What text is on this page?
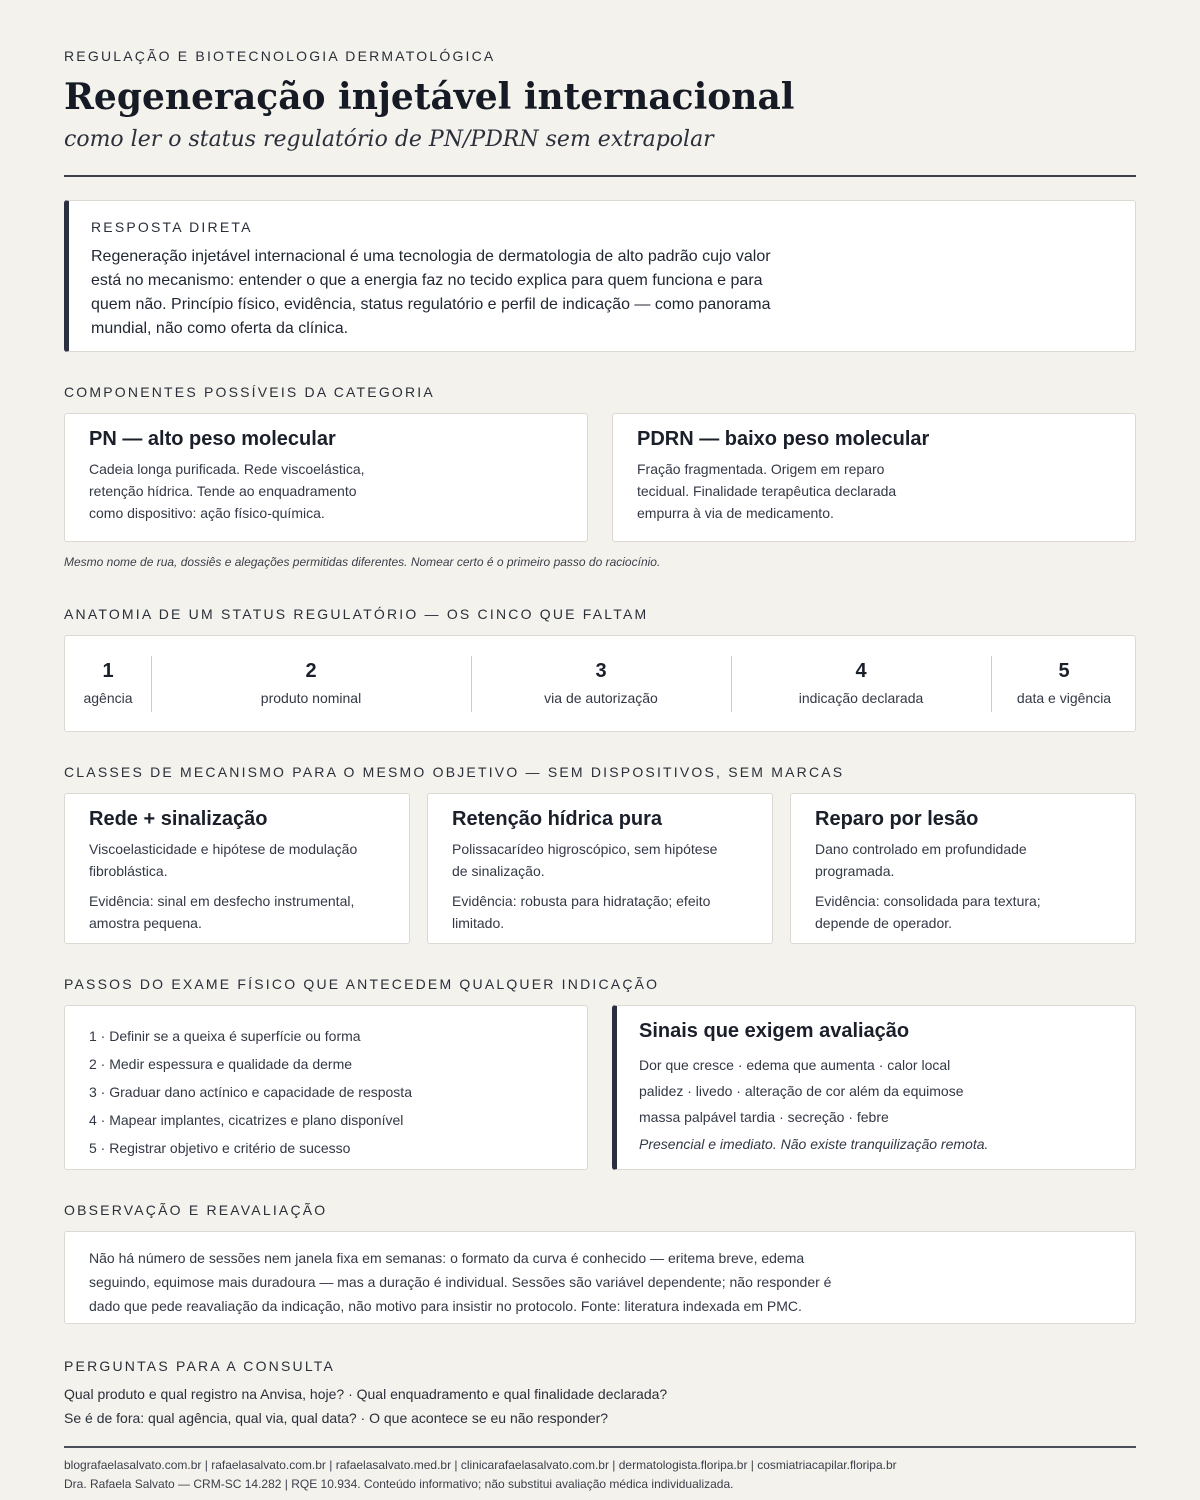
REGULAÇÃO E BIOTECNOLOGIA DERMATOLÓGICA
Regeneração injetável internacional
como ler o status regulatório de PN/PDRN sem extrapolar
RESPOSTA DIRETA

Regeneração injetável internacional é uma tecnologia de dermatologia de alto padrão cujo valor está no mecanismo: entender o que a energia faz no tecido explica para quem funciona e para quem não. Princípio físico, evidência, status regulatório e perfil de indicação — como panorama mundial, não como oferta da clínica.

COMPONENTES POSSÍVEIS DA CATEGORIA
PN — alto peso molecular

Cadeia longa purificada. Rede viscoelástica, retenção hídrica. Tende ao enquadramento como dispositivo: ação físico-química.

PDRN — baixo peso molecular

Fração fragmentada. Origem em reparo tecidual. Finalidade terapêutica declarada empurra à via de medicamento.

Mesmo nome de rua, dossiês e alegações permitidas diferentes. Nomear certo é o primeiro passo do raciocínio.
ANATOMIA DE UM STATUS REGULATÓRIO — OS CINCO QUE FALTAM
1
agência
2
produto nominal
3
via de autorização
4
indicação declarada
5
data e vigência
CLASSES DE MECANISMO PARA O MESMO OBJETIVO — SEM DISPOSITIVOS, SEM MARCAS
Rede + sinalização

Viscoelasticidade e hipótese de modulação fibroblástica.

Evidência: sinal em desfecho instrumental, amostra pequena.

Retenção hídrica pura

Polissacarídeo higroscópico, sem hipótese de sinalização.

Evidência: robusta para hidratação; efeito limitado.

Reparo por lesão

Dano controlado em profundidade programada.

Evidência: consolidada para textura; depende de operador.

PASSOS DO EXAME FÍSICO QUE ANTECEDEM QUALQUER INDICAÇÃO
1 · Definir se a queixa é superfície ou forma
2 · Medir espessura e qualidade da derme
3 · Graduar dano actínico e capacidade de resposta
4 · Mapear implantes, cicatrizes e plano disponível
5 · Registrar objetivo e critério de sucesso
Sinais que exigem avaliação
Dor que cresce · edema que aumenta · calor local
palidez · livedo · alteração de cor além da equimose
massa palpável tardia · secreção · febre
Presencial e imediato. Não existe tranquilização remota.
OBSERVAÇÃO E REAVALIAÇÃO

Não há número de sessões nem janela fixa em semanas: o formato da curva é conhecido — eritema breve, edema seguindo, equimose mais duradoura — mas a duração é individual. Sessões são variável dependente; não responder é dado que pede reavaliação da indicação, não motivo para insistir no protocolo. Fonte: literatura indexada em PMC.

PERGUNTAS PARA A CONSULTA
Qual produto e qual registro na Anvisa, hoje? · Qual enquadramento e qual finalidade declarada?
Se é de fora: qual agência, qual via, qual data? · O que acontece se eu não responder?
blografaelasalvato.com.br | rafaelasalvato.com.br | rafaelasalvato.med.br | clinicarafaelasalvato.com.br | dermatologista.floripa.br | cosmiatriacapilar.floripa.br
Dra. Rafaela Salvato — CRM-SC 14.282 | RQE 10.934. Conteúdo informativo; não substitui avaliação médica individualizada.
